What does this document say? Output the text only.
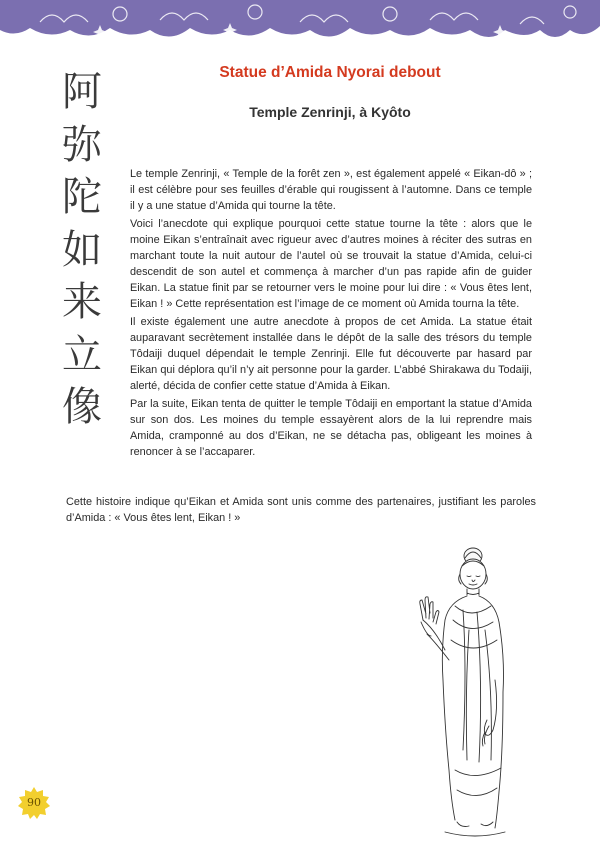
阿
弥
陀
如
来
立
像
Statue d’Amida Nyorai debout
Temple Zenrinji, à Kyôto

Le temple Zenrinji, « Temple de la forêt zen », est également appelé « Eikan-dô » ; il est célèbre pour ses feuilles d’érable qui rougissent à l’automne. Dans ce temple il y a une statue d’Amida qui tourne la tête.

Voici l’anecdote qui explique pourquoi cette statue tourne la tête : alors que le moine Eikan s’entraînait avec rigueur avec d’autres moines à réciter des sutras en marchant toute la nuit autour de l’autel où se trouvait la statue d’Amida, celui-ci descendit de son autel et commença à marcher d’un pas rapide afin de guider Eikan. La statue finit par se retourner vers le moine pour lui dire : « Vous êtes lent, Eikan ! » Cette représentation est l’image de ce moment où Amida tourna la tête.

Il existe également une autre anecdote à propos de cet Amida. La statue était auparavant secrètement installée dans le dépôt de la salle des trésors du temple Tôdaiji duquel dépendait le temple Zenrinji. Elle fut découverte par hasard par Eikan qui déplora qu’il n’y ait personne pour la garder. L’abbé Shirakawa du Todaiji, alerté, décida de confier cette statue d’Amida à Eikan.

Par la suite, Eikan tenta de quitter le temple Tôdaiji en emportant la statue d’Amida sur son dos. Les moines du temple essayèrent alors de la lui reprendre mais Amida, cramponné au dos d’Eikan, ne se détacha pas, obligeant les moines à renoncer à se l’accaparer.

Cette histoire indique qu’Eikan et Amida sont unis comme des partenaires, justifiant les paroles d’Amida : « Vous êtes lent, Eikan ! »

90
